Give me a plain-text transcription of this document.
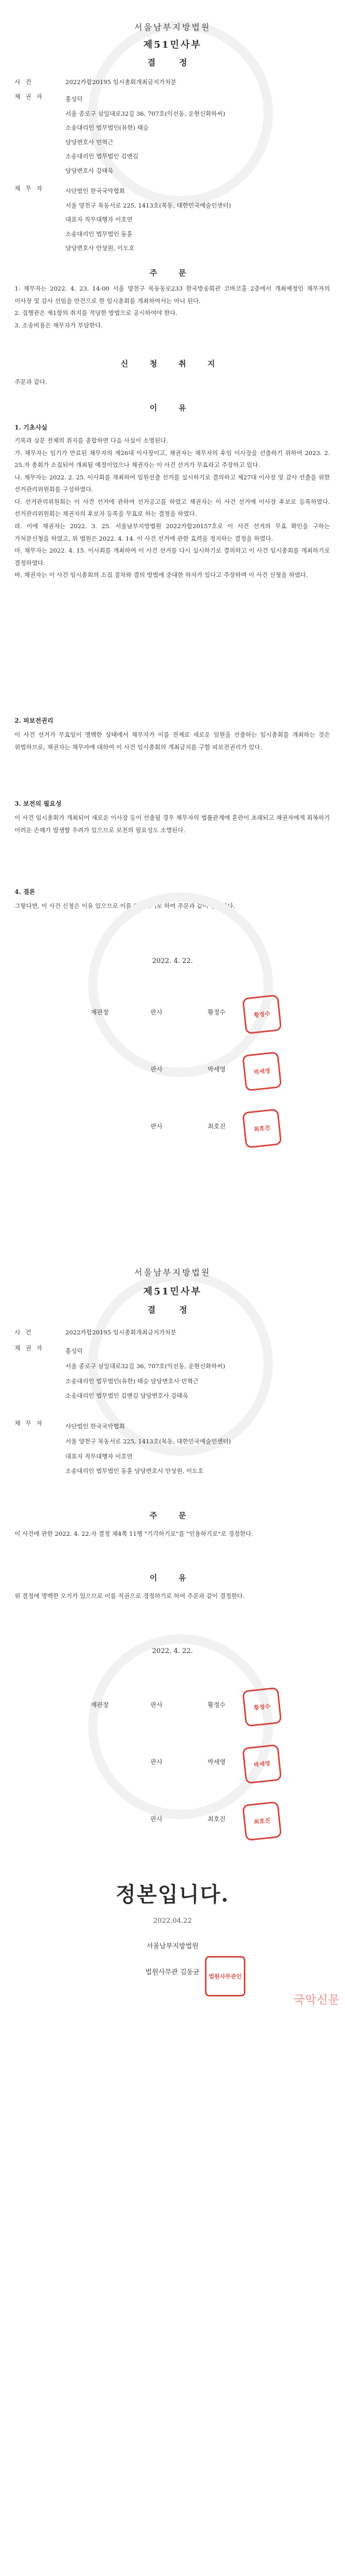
서울남부지방법원
제51민사부
결 정
사건	2022카합20195 임시총회개최금지가처분
채권자	홍성덕
서울 종로구 삼일대로32길 36, 707호(익선동, 운현신화하씨)
소송대리인 법무법인(유한) 태승
담당변호사 민혁근
소송대리인 법무법인 김앤김
담당변호사 강태욱
채무자	사단법인 한국국악협회
서울 양천구 목동서로 225, 1413호(목동, 대한민국예술인센터)
대표자 직무대행자 이호연
소송대리인 법무법인 동훈
담당변호사 안상원, 이도호
주 문
1. 채무자는 2022. 4. 23. 14:00 서울 양천구 목동동로233 한국방송회관 코바코홀 2층에서 개최예정인 채무자의 이사장 및 감사 선임을 안건으로 한 임시총회를 개최하여서는 아니 된다.
2. 집행관은 제1항의 취지를 적당한 방법으로 공시하여야 한다.
3. 소송비용은 채무자가 부담한다.
신 청 취 지
주문과 같다.
이 유
1. 기초사실
기록과 심문 전체의 취지를 종합하면 다음 사실이 소명된다.
가. 채무자는 임기가 만료된 채무자의 제26대 이사장이고, 채권자는 채무자의 후임 이사장을 선출하기 위하여 2023. 2. 25.자 총회가 소집되어 개최될 예정이었으나 채권자는 이 사건 선거가 무효라고 주장하고 있다.
나. 채무자는 2022. 2. 25. 이사회를 개최하여 임원선출 선거를 실시하기로 결의하고 제27대 이사장 및 감사 선출을 위한 선거관리위원회를 구성하였다.
다. 선거관리위원회는 이 사건 선거에 관하여 선거공고를 하였고 채권자는 이 사건 선거에 이사장 후보로 등록하였다. 선거관리위원회는 채권자의 후보자 등록을 무효로 하는 결정을 하였다.
라. 이에 채권자는 2022. 3. 25. 서울남부지방법원 2022카합20157호로 이 사건 선거의 무효 확인을 구하는 가처분신청을 하였고, 위 법원은 2022. 4. 14. 이 사건 선거에 관한 효력을 정지하는 결정을 하였다.
마. 채무자는 2022. 4. 15. 이사회를 개최하여 이 사건 선거를 다시 실시하기로 결의하고 이 사건 임시총회를 개최하기로 결정하였다.
바. 채권자는 이 사건 임시총회의 소집 절차와 결의 방법에 중대한 하자가 있다고 주장하며 이 사건 신청을 하였다.
2. 피보전권리
이 사건 선거가 무효임이 명백한 상태에서 채무자가 이를 전제로 새로운 임원을 선출하는 임시총회를 개최하는 것은 위법하므로, 채권자는 채무자에 대하여 이 사건 임시총회의 개최금지를 구할 피보전권리가 있다.
3. 보전의 필요성
이 사건 임시총회가 개최되어 새로운 이사장 등이 선출될 경우 채무자의 법률관계에 혼란이 초래되고 채권자에게 회복하기 어려운 손해가 발생할 우려가 있으므로 보전의 필요성도 소명된다.
4. 결론
그렇다면, 이 사건 신청은 이유 있으므로 이를 인용하기로 하여 주문과 같이 결정한다.
2022. 4. 22.
재판장	판사	황정수	황정수
판사	박세영	박세영
판사	최호진	최호진
서울남부지방법원
제51민사부
결 정
사건	2022카합20195 임시총회개최금지가처분
채권자	홍성덕
서울 종로구 삼일대로32길 36, 707호(익선동, 운현신화하씨)
소송대리인 법무법인(유한) 태승 담당변호사 민혁근
소송대리인 법무법인 김앤김 담당변호사 강태욱
채무자	사단법인 한국국악협회
서울 양천구 목동서로 225, 1413호(목동, 대한민국예술인센터)
대표자 직무대행자 이호연
소송대리인 법무법인 동훈 담당변호사 안상원, 이도호
주 문
이 사건에 관한 2022. 4. 22.자 결정 제4쪽 11행 "기각하기로"를 "인용하기로"로 경정한다.
이 유
위 결정에 명백한 오기가 있으므로 이를 직권으로 경정하기로 하여 주문과 같이 결정한다.
2022. 4. 22.
재판장	판사	황정수	황정수
판사	박세영	박세영
판사	최호진	최호진
정본입니다.
2022.04.22
서울남부지방법원
법원사무관 김동균
법원사무관인
국악신문
